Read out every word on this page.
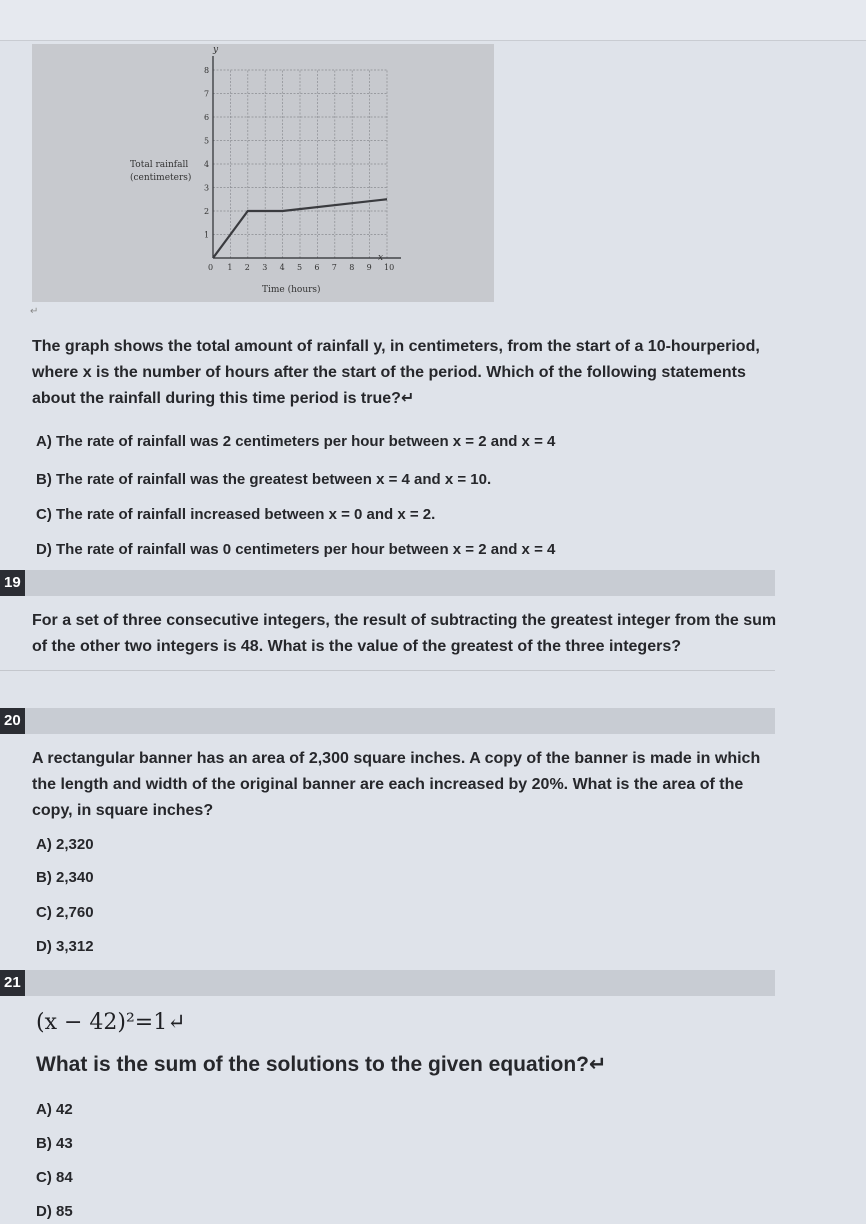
Total rainfall
(centimeters)
Time (hours)
y
x
0 1 2 3 4 5 6 7 8 9 10
1
2
3
4
5
6
7
8
↵
The graph shows the total amount of rainfall y, in centimeters, from the start of a 10-hourperiod, where x is the number of hours after the start of the period. Which of the following statements about the rainfall during this time period is true?↵
A) The rate of rainfall was 2 centimeters per hour between x = 2 and x = 4
B) The rate of rainfall was the greatest between x = 4 and x = 10.
C) The rate of rainfall increased between x = 0 and x = 2.
D) The rate of rainfall was 0 centimeters per hour between x = 2 and x = 4
19
For a set of three consecutive integers, the result of subtracting the greatest integer from the sum of the other two integers is 48. What is the value of the greatest of the three integers?
20
A rectangular banner has an area of 2,300 square inches. A copy of the banner is made in which the length and width of the original banner are each increased by 20%. What is the area of the copy, in square inches?
A) 2,320
B) 2,340
C) 2,760
D) 3,312
21
(x − 42)²=1↵
What is the sum of the solutions to the given equation?↵
A) 42
B) 43
C) 84
D) 85
